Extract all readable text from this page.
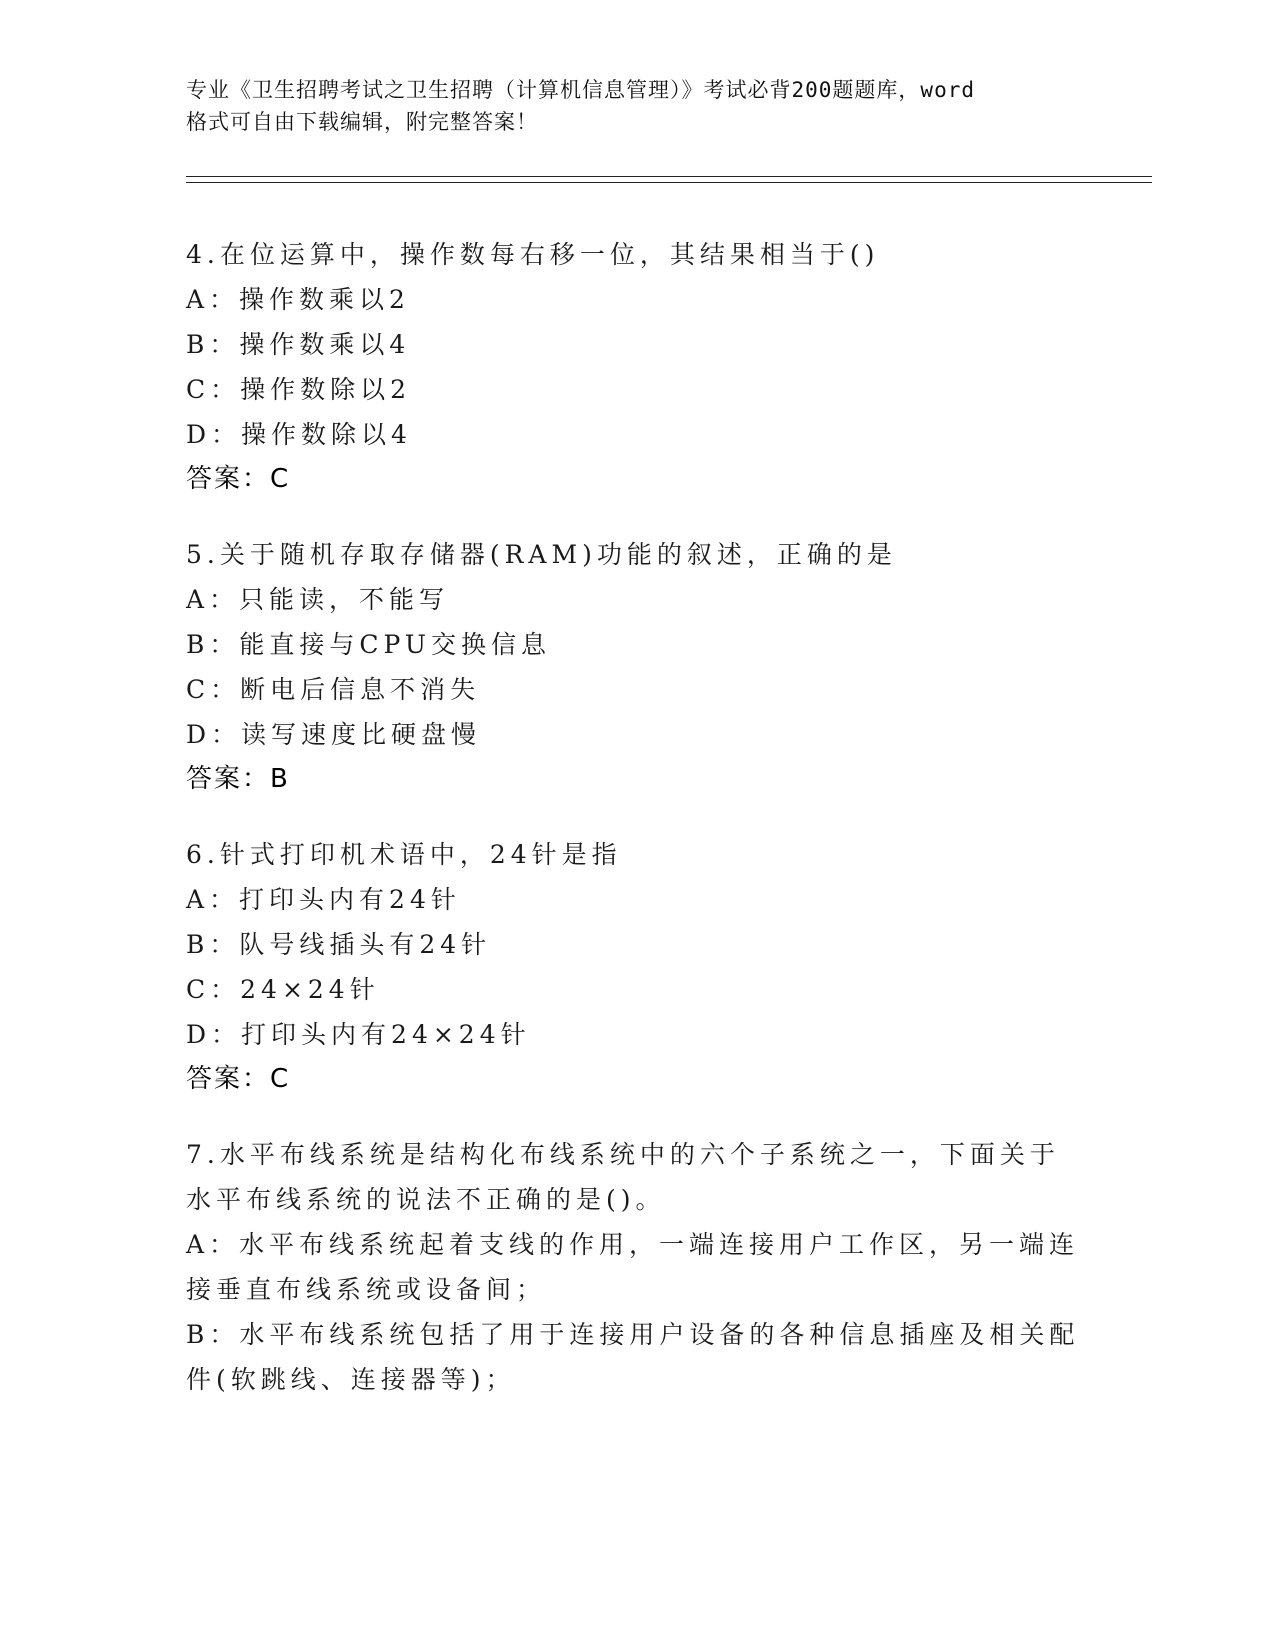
专业《卫生招聘考试之卫生招聘（计算机信息管理）》考试必背200题题库，word
格式可自由下载编辑，附完整答案！
4.在位运算中，操作数每右移一位，其结果相当于()
A：操作数乘以2
B：操作数乘以4
C：操作数除以2
D：操作数除以4
答案：C
5.关于随机存取存储器(RAM)功能的叙述，正确的是
A：只能读，不能写
B：能直接与CPU交换信息
C：断电后信息不消失
D：读写速度比硬盘慢
答案：B
6.针式打印机术语中，24针是指
A：打印头内有24针
B：队号线插头有24针
C：24×24针
D：打印头内有24×24针
答案：C
7.水平布线系统是结构化布线系统中的六个子系统之一，下面关于水平布线系统的说法不正确的是()。
A：水平布线系统起着支线的作用，一端连接用户工作区，另一端连接垂直布线系统或设备间；
B：水平布线系统包括了用于连接用户设备的各种信息插座及相关配件(软跳线、连接器等)；
